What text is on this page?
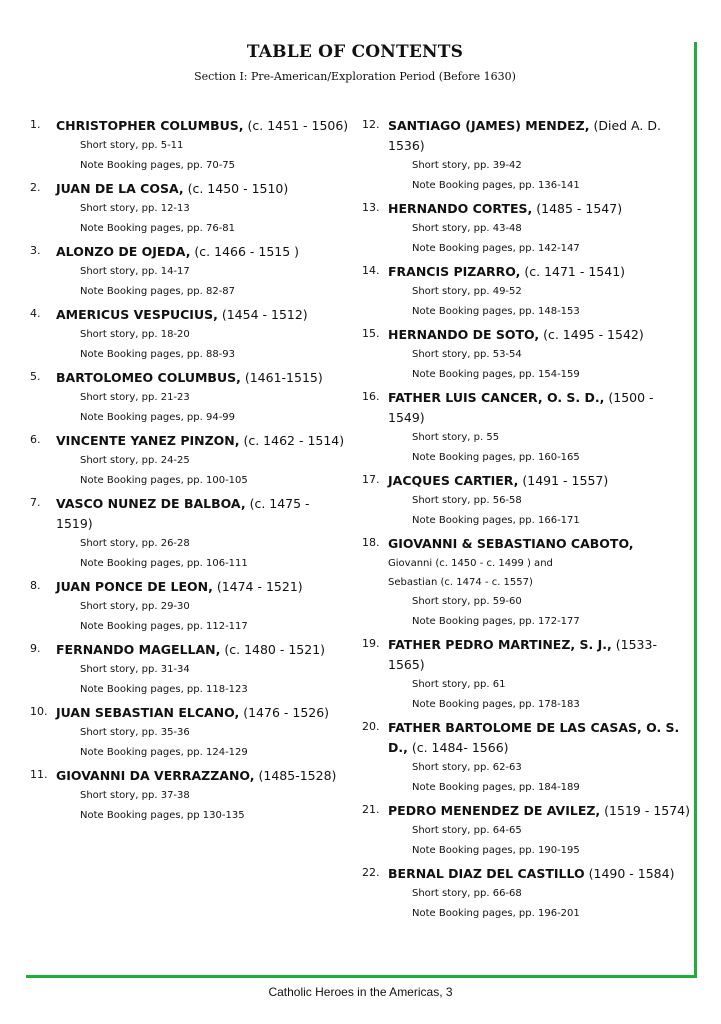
TABLE OF CONTENTS
Section I: Pre-American/Exploration Period (Before 1630)
1.	CHRISTOPHER COLUMBUS, (c. 1451 - 1506)
Short story, pp. 5-11
Note Booking pages, pp. 70-75
2.	JUAN DE LA COSA, (c. 1450 - 1510)
Short story, pp. 12-13
Note Booking pages, pp. 76-81
3.	ALONZO DE OJEDA, (c. 1466 - 1515 )
Short story, pp. 14-17
Note Booking pages, pp. 82-87
4.	AMERICUS VESPUCIUS, (1454 - 1512)
Short story, pp. 18-20
Note Booking pages, pp. 88-93
5.	BARTOLOMEO COLUMBUS, (1461-1515)
Short story, pp. 21-23
Note Booking pages, pp. 94-99
6.	VINCENTE YANEZ PINZON, (c. 1462 - 1514)
Short story, pp. 24-25
Note Booking pages, pp. 100-105
7.	VASCO NUNEZ DE BALBOA, (c. 1475 - 1519)
Short story, pp. 26-28
Note Booking pages, pp. 106-111
8.	JUAN PONCE DE LEON, (1474 - 1521)
Short story, pp. 29-30
Note Booking pages, pp. 112-117
9.	FERNANDO MAGELLAN, (c. 1480 - 1521)
Short story, pp. 31-34
Note Booking pages, pp. 118-123
10. JUAN SEBASTIAN ELCANO, (1476 - 1526)
Short story, pp. 35-36
Note Booking pages, pp. 124-129
11. GIOVANNI DA VERRAZZANO, (1485-1528)
Short story, pp. 37-38
Note Booking pages, pp 130-135
12. SANTIAGO (JAMES) MENDEZ, (Died A. D. 1536)
Short story, pp. 39-42
Note Booking pages, pp. 136-141
13. HERNANDO CORTES, (1485 - 1547)
Short story, pp. 43-48
Note Booking pages, pp. 142-147
14. FRANCIS PIZARRO, (c. 1471 - 1541)
Short story, pp. 49-52
Note Booking pages, pp. 148-153
15. HERNANDO DE SOTO, (c. 1495 - 1542)
Short story, pp. 53-54
Note Booking pages, pp. 154-159
16. FATHER LUIS CANCER, O. S. D., (1500 - 1549)
Short story, p. 55
Note Booking pages, pp. 160-165
17. JACQUES CARTIER, (1491 - 1557)
Short story, pp. 56-58
Note Booking pages, pp. 166-171
18. GIOVANNI & SEBASTIANO CABOTO,
Giovanni (c. 1450 - c. 1499 ) and
Sebastian (c. 1474 - c. 1557)
Short story, pp. 59-60
Note Booking pages, pp. 172-177
19. FATHER PEDRO MARTINEZ, S. J., (1533-1565)
Short story, pp. 61
Note Booking pages, pp. 178-183
20. FATHER BARTOLOME DE LAS CASAS, O. S. D., (c. 1484- 1566)
Short story, pp. 62-63
Note Booking pages, pp. 184-189
21. PEDRO MENENDEZ DE AVILEZ, (1519 - 1574)
Short story, pp. 64-65
Note Booking pages, pp. 190-195
22. BERNAL DIAZ DEL CASTILLO (1490 - 1584)
Short story, pp. 66-68
Note Booking pages, pp. 196-201
Catholic Heroes in the Americas, 3
